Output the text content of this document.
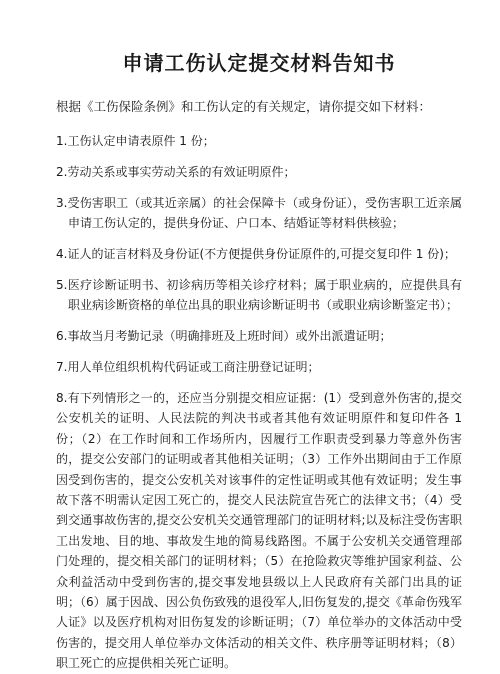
申请工伤认定提交材料告知书

根据《工伤保险条例》和工伤认定的有关规定，请你提交如下材料：

1.工伤认定申请表原件 1 份；
2.劳动关系或事实劳动关系的有效证明原件；
3.受伤害职工（或其近亲属）的社会保障卡（或身份证），受伤害职工近亲属申请工伤认定的，提供身份证、户口本、结婚证等材料供核验；
4.证人的证言材料及身份证(不方便提供身份证原件的,可提交复印件 1 份)；
5.医疗诊断证明书、初诊病历等相关诊疗材料；属于职业病的，应提供具有职业病诊断资格的单位出具的职业病诊断证明书（或职业病诊断鉴定书）；
6.事故当月考勤记录（明确排班及上班时间）或外出派遣证明；
7.用人单位组织机构代码证或工商注册登记证明；
8.有下列情形之一的，还应当分别提交相应证据：(1）受到意外伤害的,提交公安机关的证明、人民法院的判决书或者其他有效证明原件和复印件各 1 份；（2）在工作时间和工作场所内，因履行工作职责受到暴力等意外伤害的，提交公安部门的证明或者其他相关证明；（3）工作外出期间由于工作原因受到伤害的，提交公安机关对该事件的定性证明或其他有效证明；发生事故下落不明需认定因工死亡的，提交人民法院宣告死亡的法律文书；（4）受到交通事故伤害的,提交公安机关交通管理部门的证明材料;以及标注受伤害职工出发地、目的地、事故发生地的简易线路图。不属于公安机关交通管理部门处理的，提交相关部门的证明材料；（5）在抢险救灾等维护国家利益、公众利益活动中受到伤害的,提交事发地县级以上人民政府有关部门出具的证明；（6）属于因战、因公负伤致残的退役军人,旧伤复发的,提交《革命伤残军人证》以及医疗机构对旧伤复发的诊断证明；（7）单位举办的文体活动中受伤害的，提交用人单位举办文体活动的相关文件、秩序册等证明材料；（8）职工死亡的应提供相关死亡证明。
